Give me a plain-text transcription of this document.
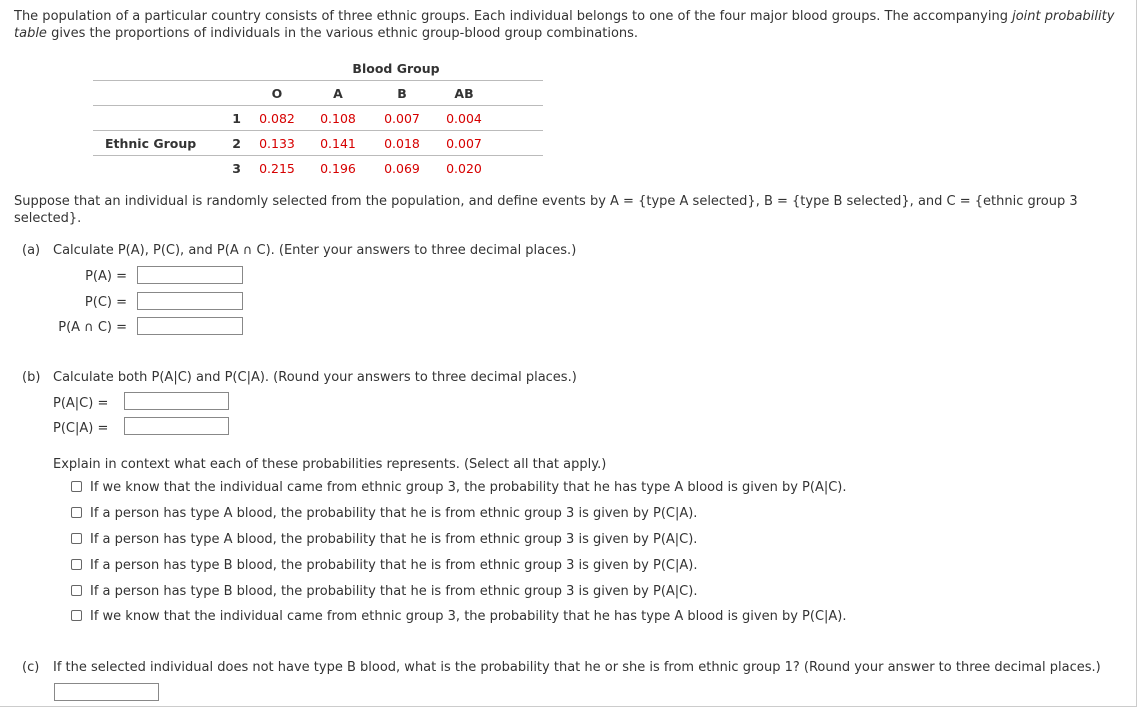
The population of a particular country consists of three ethnic groups. Each individual belongs to one of the four major blood groups. The accompanying joint probability table gives the proportions of individuals in the various ethnic group-blood group combinations.
		Blood Group				
		O	A	B	AB	
	1	0.082	0.108	0.007	0.004	
Ethnic Group	2	0.133	0.141	0.018	0.007	
	3	0.215	0.196	0.069	0.020	
Suppose that an individual is randomly selected from the population, and define events by A = {type A selected}, B = {type B selected}, and C = {ethnic group 3 selected}.
(a) Calculate P(A), P(C), and P(A ∩ C). (Enter your answers to three decimal places.)
P(A) =
P(C) =
P(A ∩ C) =
(b) Calculate both P(A|C) and P(C|A). (Round your answers to three decimal places.)
P(A|C) =
P(C|A) =
Explain in context what each of these probabilities represents. (Select all that apply.)
If we know that the individual came from ethnic group 3, the probability that he has type A blood is given by P(A|C).
If a person has type A blood, the probability that he is from ethnic group 3 is given by P(C|A).
If a person has type A blood, the probability that he is from ethnic group 3 is given by P(A|C).
If a person has type B blood, the probability that he is from ethnic group 3 is given by P(C|A).
If a person has type B blood, the probability that he is from ethnic group 3 is given by P(A|C).
If we know that the individual came from ethnic group 3, the probability that he has type A blood is given by P(C|A).
(c) If the selected individual does not have type B blood, what is the probability that he or she is from ethnic group 1? (Round your answer to three decimal places.)
